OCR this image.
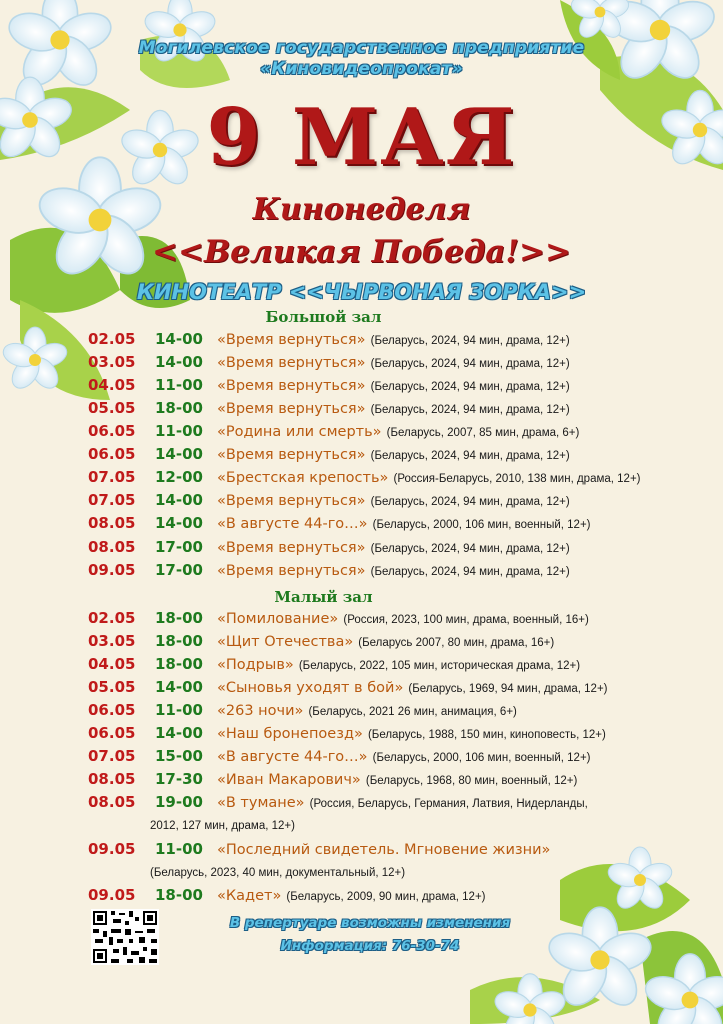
Могилевское государственное предприятие
«Киновидеопрокат»
9 МАЯ
Кинонеделя
<<Великая Победа!>>
КИНОТЕАТР <<ЧЫРВОНАЯ ЗОРКА>>
Большой зал
02.05	14-00 «Время вернуться» (Беларусь, 2024, 94 мин, драма, 12+)
03.05	14-00 «Время вернуться» (Беларусь, 2024, 94 мин, драма, 12+)
04.05	11-00 «Время вернуться» (Беларусь, 2024, 94 мин, драма, 12+)
05.05	18-00 «Время вернуться» (Беларусь, 2024, 94 мин, драма, 12+)
06.05	11-00 «Родина или смерть» (Беларусь, 2007, 85 мин, драма, 6+)
06.05	14-00 «Время вернуться» (Беларусь, 2024, 94 мин, драма, 12+)
07.05	12-00 «Брестская крепость» (Россия-Беларусь, 2010, 138 мин, драма, 12+)
07.05	14-00 «Время вернуться» (Беларусь, 2024, 94 мин, драма, 12+)
08.05	14-00 «В августе 44-го…» (Беларусь, 2000, 106 мин, военный, 12+)
08.05	17-00 «Время вернуться» (Беларусь, 2024, 94 мин, драма, 12+)
09.05	17-00 «Время вернуться» (Беларусь, 2024, 94 мин, драма, 12+)
Малый зал
02.05	18-00 «Помилование» (Россия, 2023, 100 мин, драма, военный, 16+)
03.05	18-00 «Щит Отечества» (Беларусь 2007, 80 мин, драма, 16+)
04.05	18-00 «Подрыв» (Беларусь, 2022, 105 мин, историческая драма, 12+)
05.05	14-00 «Сыновья уходят в бой» (Беларусь, 1969, 94 мин, драма, 12+)
06.05	11-00 «263 ночи» (Беларусь, 2021 26 мин, анимация, 6+)
06.05	14-00 «Наш бронепоезд» (Беларусь, 1988, 150 мин, киноповесть, 12+)
07.05	15-00 «В августе 44-го…» (Беларусь, 2000, 106 мин, военный, 12+)
08.05	17-30 «Иван Макарович» (Беларусь, 1968, 80 мин, военный, 12+)
08.05	19-00 «В тумане» (Россия, Беларусь, Германия, Латвия, Нидерланды,
2012, 127 мин, драма, 12+)
09.05	11-00 «Последний свидетель. Мгновение жизни»
(Беларусь, 2023, 40 мин, документальный, 12+)
09.05	18-00 «Кадет» (Беларусь, 2009, 90 мин, драма, 12+)
В репертуаре возможны изменения
Информация: 76-30-74
